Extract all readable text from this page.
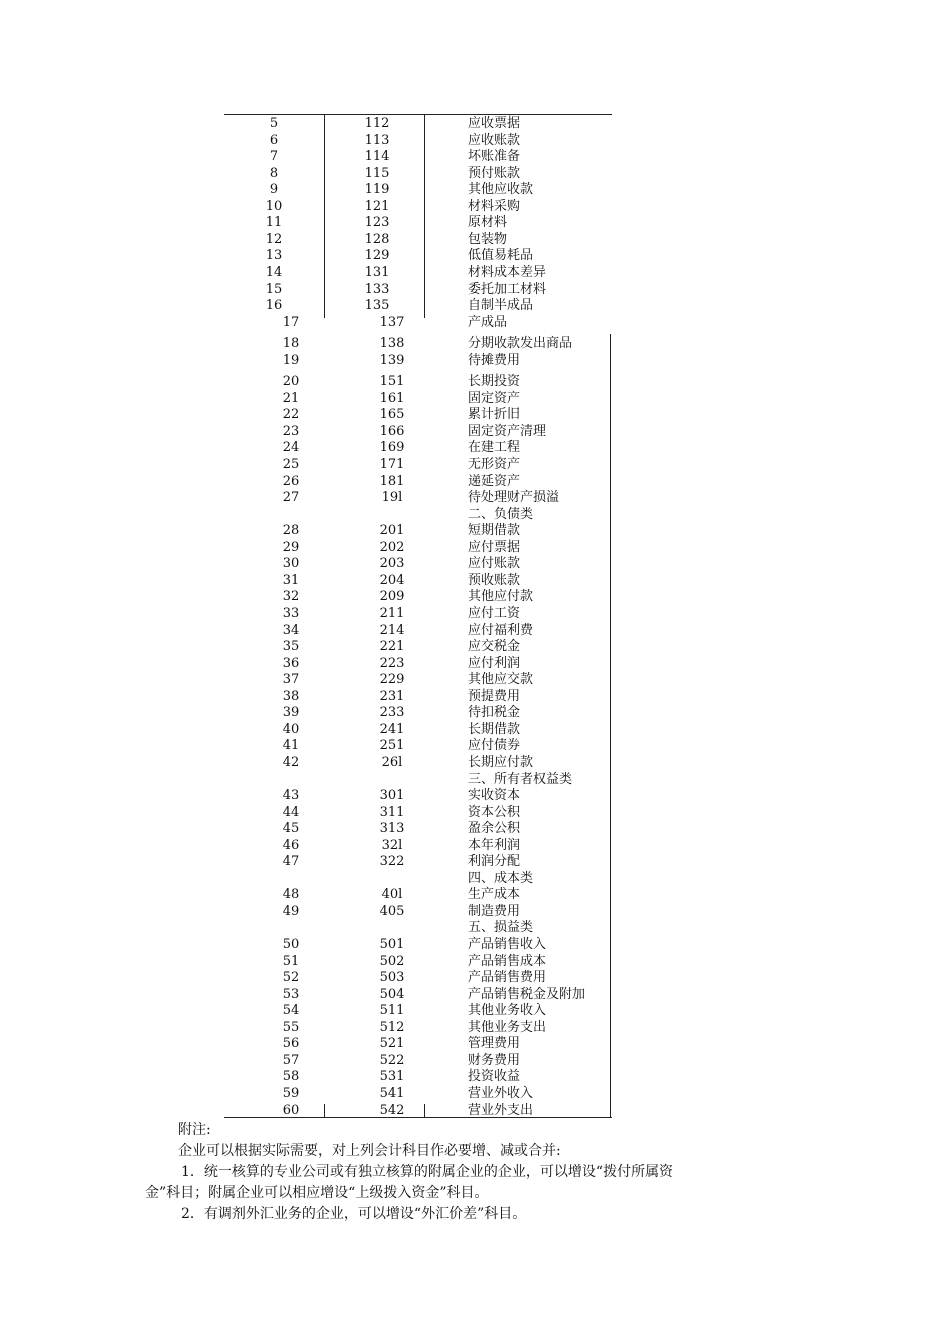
5	112	应收票据
6	113	应收账款
7	114	坏账准备
8	115	预付账款
9	119	其他应收款
10	121	材料采购
11	123	原材料
12	128	包装物
13	129	低值易耗品
14	131	材料成本差异
15	133	委托加工材料
16	135	自制半成品
17	137	产成品
18	138	分期收款发出商品
19	139	待摊费用
20	151	长期投资
21	161	固定资产
22	165	累计折旧
23	166	固定资产清理
24	169	在建工程
25	171	无形资产
26	181	递延资产
27	19l	待处理财产损溢
二、负债类
28	201	短期借款
29	202	应付票据
30	203	应付账款
31	204	预收账款
32	209	其他应付款
33	211	应付工资
34	214	应付福利费
35	221	应交税金
36	223	应付利润
37	229	其他应交款
38	231	预提费用
39	233	待扣税金
40	241	长期借款
41	251	应付债券
42	26l	长期应付款
三、所有者权益类
43	301	实收资本
44	311	资本公积
45	313	盈余公积
46	32l	本年利润
47	322	利润分配
四、成本类
48	40l	生产成本
49	405	制造费用
五、损益类
50	501	产品销售收入
51	502	产品销售成本
52	503	产品销售费用
53	504	产品销售税金及附加
54	511	其他业务收入
55	512	其他业务支出
56	521	管理费用
57	522	财务费用
58	531	投资收益
59	541	营业外收入
60	542	营业外支出

附注:

企业可以根据实际需要，对上列会计科目作必要增、减或合并:

1．统一核算的专业公司或有独立核算的附属企业的企业，可以增设“拨付所属资

金”科目；附属企业可以相应增设“上级拨入资金”科目。

2．有调剂外汇业务的企业，可以增设“外汇价差”科目。
